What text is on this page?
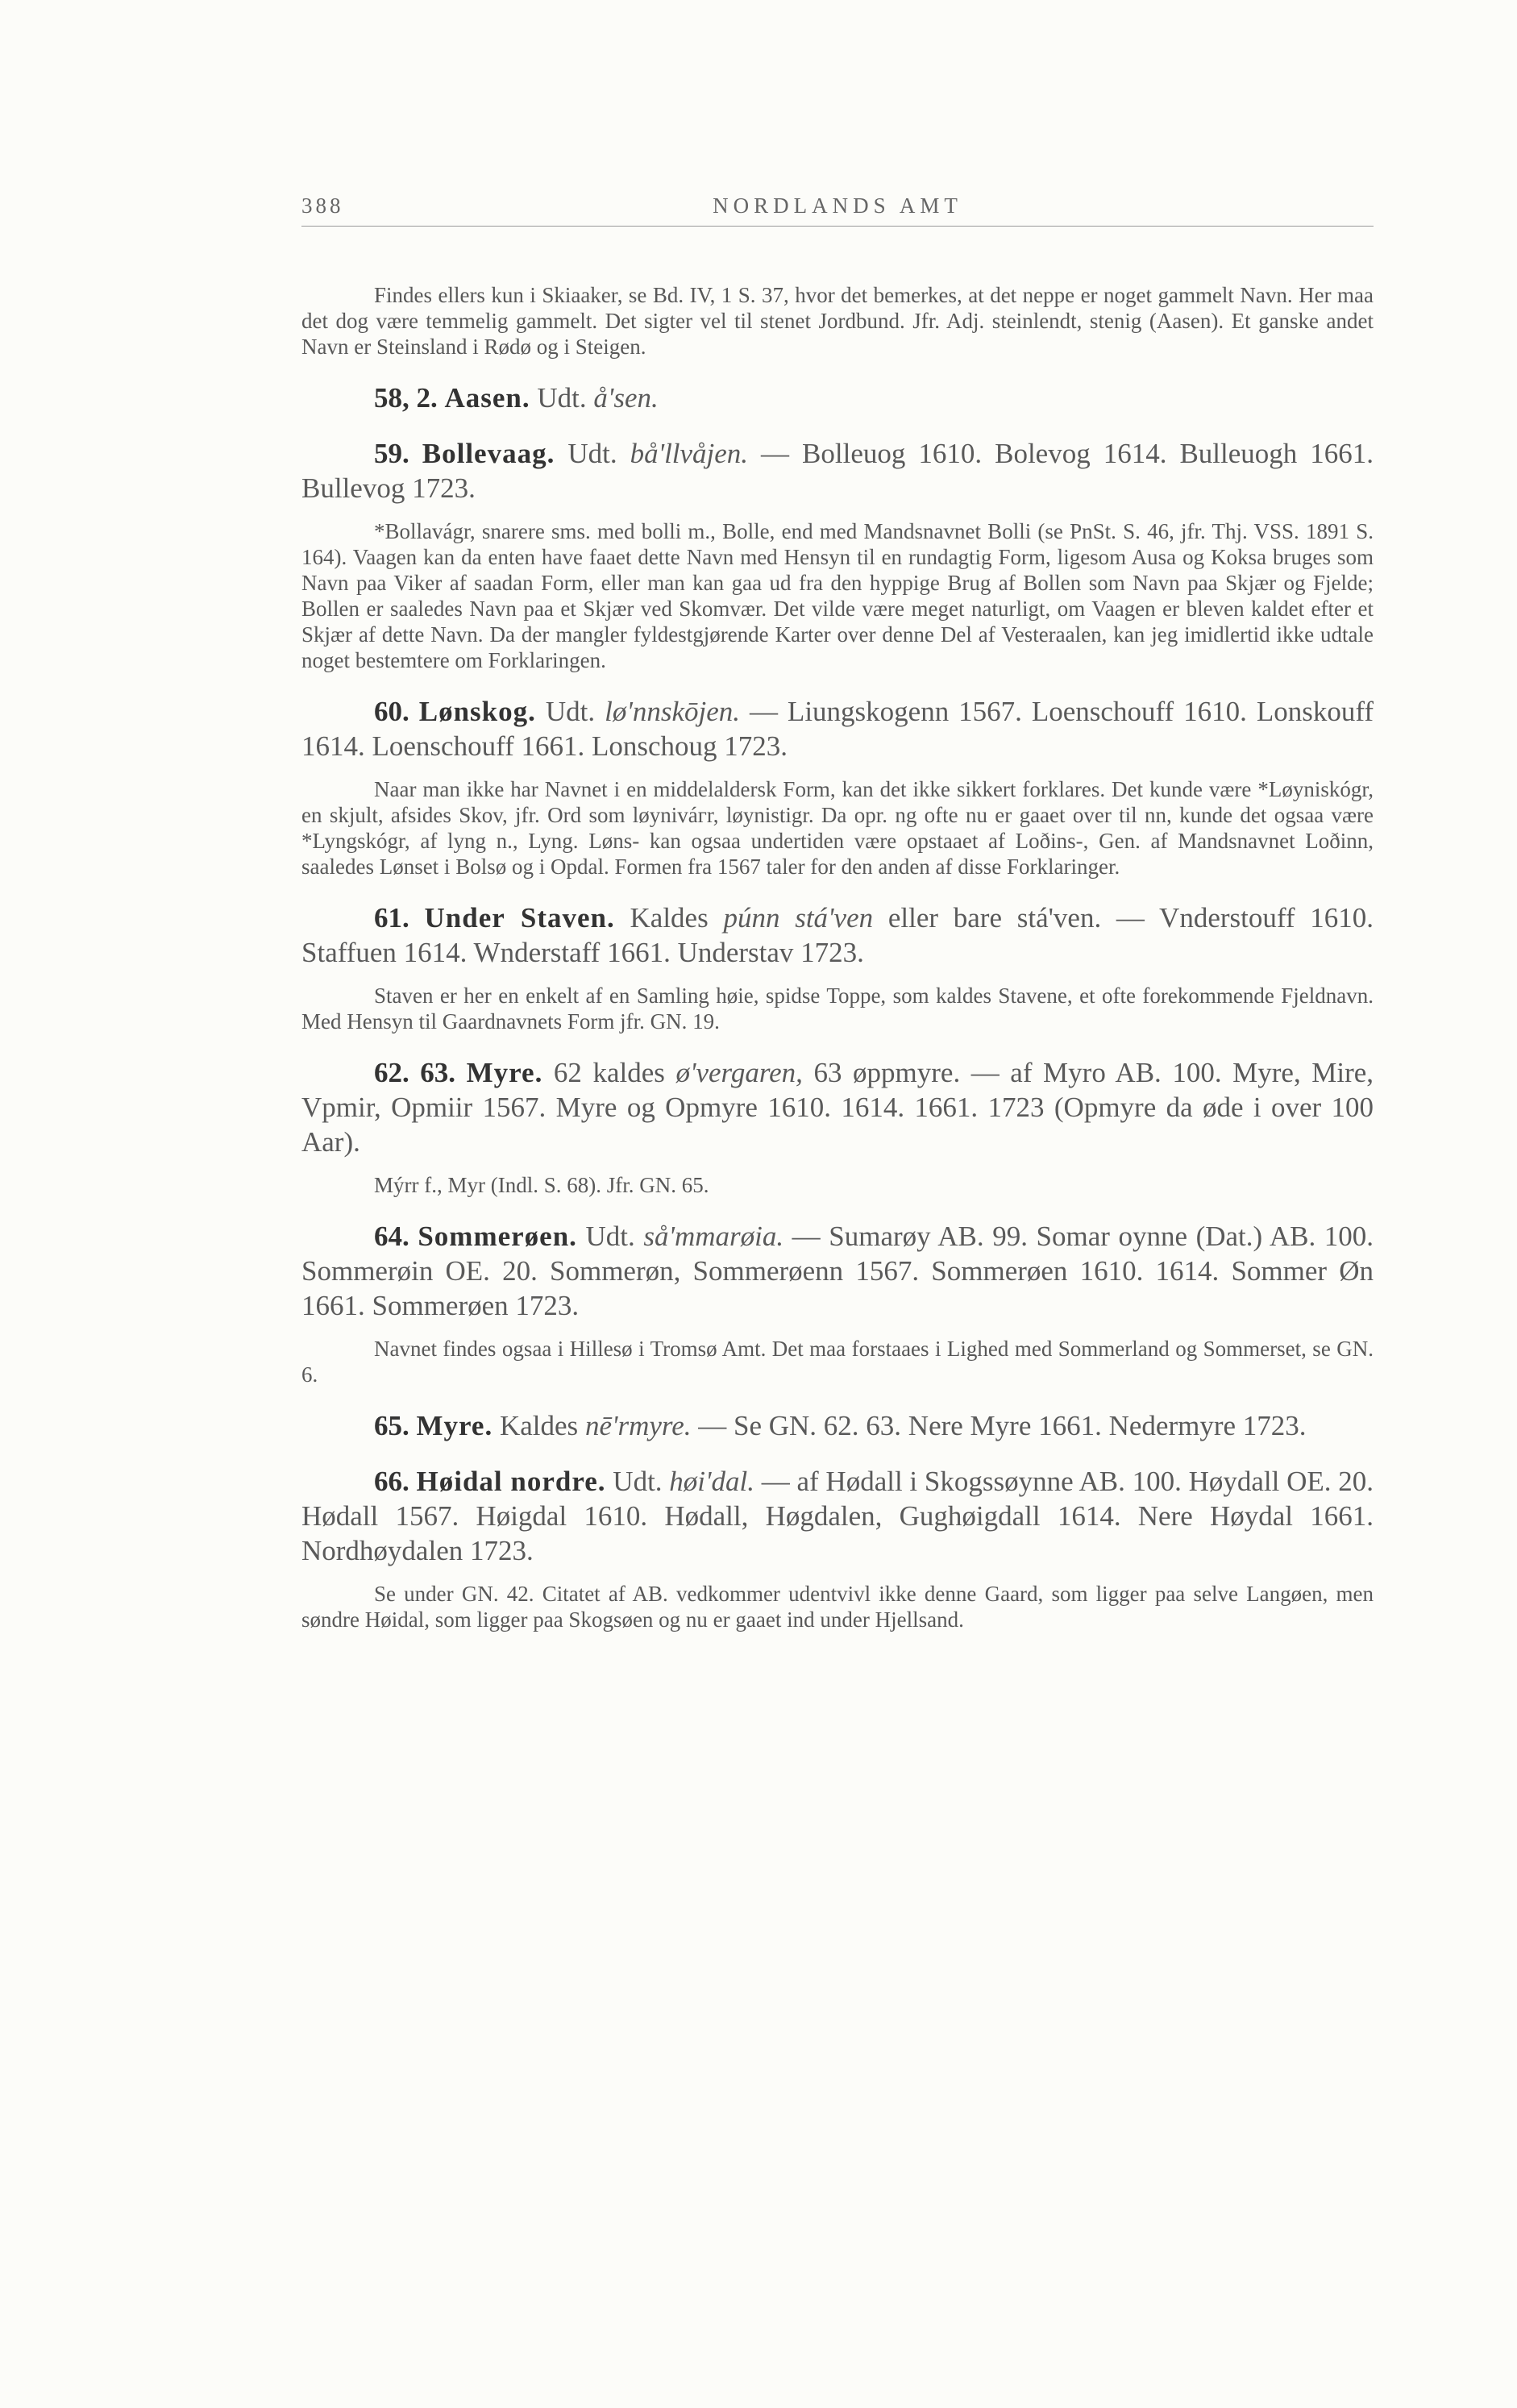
388	NORDLANDS AMT

Findes ellers kun i Skiaaker, se Bd. IV, 1 S. 37, hvor det bemerkes, at det neppe er noget gammelt Navn. Her maa det dog være temmelig gammelt. Det sigter vel til stenet Jordbund. Jfr. Adj. steinlendt, stenig (Aasen). Et ganske andet Navn er Steinsland i Rødø og i Steigen.

58, 2. Aasen. Udt. å'sen.

59. Bollevaag. Udt. bå'llvåjen. — Bolleuog 1610. Bolevog 1614. Bulleuogh 1661. Bullevog 1723.

*Bollavágr, snarere sms. med bolli m., Bolle, end med Mandsnavnet Bolli (se PnSt. S. 46, jfr. Thj. VSS. 1891 S. 164). Vaagen kan da enten have faaet dette Navn med Hensyn til en rundagtig Form, ligesom Ausa og Koksa bruges som Navn paa Viker af saadan Form, eller man kan gaa ud fra den hyppige Brug af Bollen som Navn paa Skjær og Fjelde; Bollen er saaledes Navn paa et Skjær ved Skomvær. Det vilde være meget naturligt, om Vaagen er bleven kaldet efter et Skjær af dette Navn. Da der mangler fyldestgjørende Karter over denne Del af Vesteraalen, kan jeg imidlertid ikke udtale noget bestemtere om Forklaringen.

60. Lønskog. Udt. lø'nnskōjen. — Liungskogenn 1567. Loenschouff 1610. Lonskouff 1614. Loenschouff 1661. Lonschoug 1723.

Naar man ikke har Navnet i en middelaldersk Form, kan det ikke sikkert forklares. Det kunde være *Løyniskógr, en skjult, afsides Skov, jfr. Ord som løyniváгr, løynistigr. Da opr. ng ofte nu er gaaet over til nn, kunde det ogsaa være *Lyngskógr, af lyng n., Lyng. Løns- kan ogsaa undertiden være opstaaet af Loðins-, Gen. af Mandsnavnet Loðinn, saaledes Lønset i Bolsø og i Opdal. Formen fra 1567 taler for den anden af disse Forklaringer.

61. Under Staven. Kaldes púnn stá'ven eller bare stá'ven. — Vnderstouff 1610. Staffuen 1614. Wnderstaff 1661. Understav 1723.

Staven er her en enkelt af en Samling høie, spidse Toppe, som kaldes Stavene, et ofte forekommende Fjeldnavn. Med Hensyn til Gaardnavnets Form jfr. GN. 19.

62. 63. Myre. 62 kaldes ø'vergaren, 63 øppmyre. — af Myro AB. 100. Myre, Mire, Vpmir, Opmiir 1567. Myre og Opmyre 1610. 1614. 1661. 1723 (Opmyre da øde i over 100 Aar).

Mýrr f., Myr (Indl. S. 68). Jfr. GN. 65.

64. Sommerøen. Udt. så'mmarøia. — Sumarøy AB. 99. Somar oynne (Dat.) AB. 100. Sommerøin OE. 20. Sommerøn, Sommerøenn 1567. Sommerøen 1610. 1614. Sommer Øn 1661. Sommerøen 1723.

Navnet findes ogsaa i Hillesø i Tromsø Amt. Det maa forstaaes i Lighed med Sommerland og Sommerset, se GN. 6.

65. Myre. Kaldes nē'rmyre. — Se GN. 62. 63. Nere Myre 1661. Nedermyre 1723.

66. Høidal nordre. Udt. høi'dal. — af Hødall i Skogssøynne AB. 100. Høydall OE. 20. Hødall 1567. Høigdal 1610. Hødall, Høgdalen, Gughøigdall 1614. Nere Høydal 1661. Nordhøydalen 1723.

Se under GN. 42. Citatet af AB. vedkommer udentvivl ikke denne Gaard, som ligger paa selve Langøen, men søndre Høidal, som ligger paa Skogsøen og nu er gaaet ind under Hjellsand.
